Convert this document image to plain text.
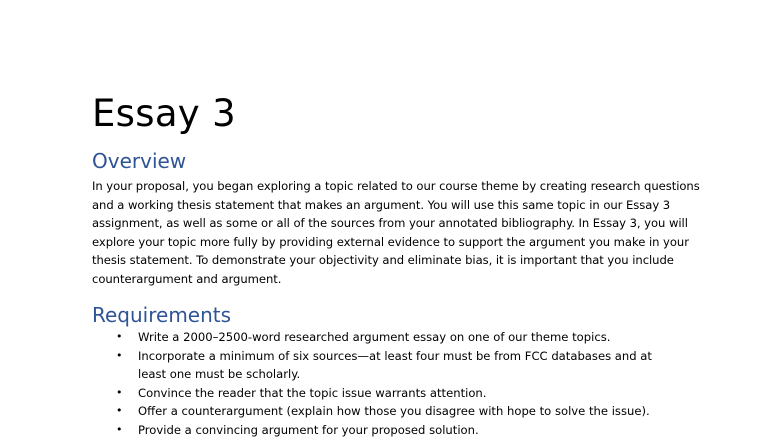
Essay 3
Overview

In your proposal, you began exploring a topic related to our course theme by creating research questions and a working thesis statement that makes an argument. You will use this same topic in our Essay 3 assignment, as well as some or all of the sources from your annotated bibliography. In Essay 3, you will explore your topic more fully by providing external evidence to support the argument you make in your thesis statement. To demonstrate your objectivity and eliminate bias, it is important that you include counterargument and argument.

Requirements
• Write a 2000–2500-word researched argument essay on one of our theme topics.
• Incorporate a minimum of six sources—at least four must be from FCC databases and at least one must be scholarly.
• Convince the reader that the topic issue warrants attention.
• Offer a counterargument (explain how those you disagree with hope to solve the issue).
• Provide a convincing argument for your proposed solution.
